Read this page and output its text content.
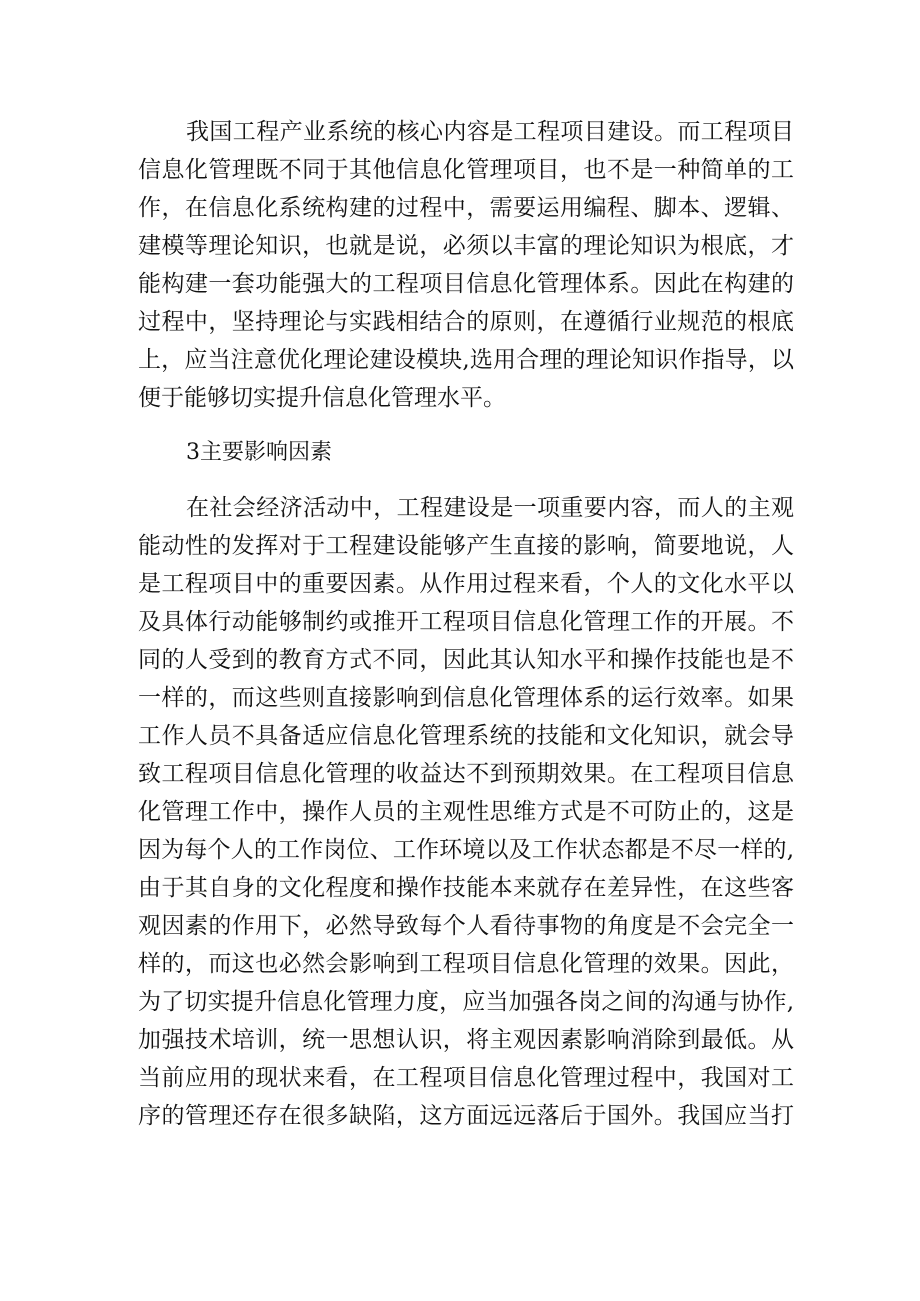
我国工程产业系统的核心内容是工程项目建设。而工程项目
信息化管理既不同于其他信息化管理项目，也不是一种简单的工
作，在信息化系统构建的过程中，需要运用编程、脚本、逻辑、
建模等理论知识，也就是说，必须以丰富的理论知识为根底，才
能构建一套功能强大的工程项目信息化管理体系。因此在构建的
过程中，坚持理论与实践相结合的原则，在遵循行业规范的根底
上，应当注意优化理论建设模块,选用合理的理论知识作指导，以
便于能够切实提升信息化管理水平。
3主要影响因素
在社会经济活动中，工程建设是一项重要内容，而人的主观
能动性的发挥对于工程建设能够产生直接的影响，简要地说，人
是工程项目中的重要因素。从作用过程来看，个人的文化水平以
及具体行动能够制约或推开工程项目信息化管理工作的开展。不
同的人受到的教育方式不同，因此其认知水平和操作技能也是不
一样的，而这些则直接影响到信息化管理体系的运行效率。如果
工作人员不具备适应信息化管理系统的技能和文化知识，就会导
致工程项目信息化管理的收益达不到预期效果。在工程项目信息
化管理工作中，操作人员的主观性思维方式是不可防止的，这是
因为每个人的工作岗位、工作环境以及工作状态都是不尽一样的,
由于其自身的文化程度和操作技能本来就存在差异性，在这些客
观因素的作用下，必然导致每个人看待事物的角度是不会完全一
样的，而这也必然会影响到工程项目信息化管理的效果。因此，
为了切实提升信息化管理力度，应当加强各岗之间的沟通与协作,
加强技术培训，统一思想认识，将主观因素影响消除到最低。从
当前应用的现状来看，在工程项目信息化管理过程中，我国对工
序的管理还存在很多缺陷，这方面远远落后于国外。我国应当打
